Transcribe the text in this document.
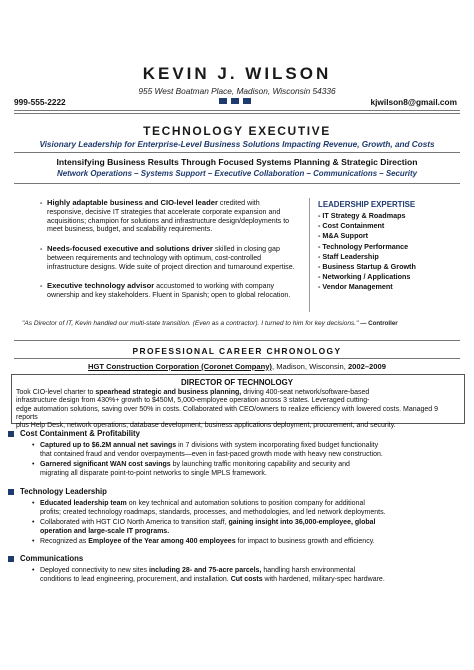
KEVIN J. WILSON
955 West Boatman Place, Madison, Wisconsin 54336
999-555-2222	kjwilson8@gmail.com
TECHNOLOGY EXECUTIVE
Visionary Leadership for Enterprise-Level Business Solutions Impacting Revenue, Growth, and Costs
Intensifying Business Results Through Focused Systems Planning & Strategic Direction
Network Operations – Systems Support – Executive Collaboration – Communications – Security
- Highly adaptable business and CIO-level leader credited with
responsive, decisive IT strategies that accelerate corporate expansion and
acquisitions; champion for solutions and infrastructure design/deployments to
meet business, budget, and scalability requirements.
- Needs-focused executive and solutions driver skilled in closing gap
between requirements and technology with optimum, cost-controlled
infrastructure designs. Wide suite of project direction and turnaround expertise.
- Executive technology advisor accustomed to working with company
ownership and key stakeholders. Fluent in Spanish; open to global relocation.
LEADERSHIP EXPERTISE
- IT Strategy & Roadmaps
- Cost Containment
- M&A Support
- Technology Performance
- Staff Leadership
- Business Startup & Growth
- Networking / Applications
- Vendor Management
"As Director of IT, Kevin handled our multi-state transition. (Even as a contractor). I turned to him for key decisions." — Controller
PROFESSIONAL CAREER CHRONOLOGY
HGT Construction Corporation (Coronet Company), Madison, Wisconsin, 2002–2009
DIRECTOR OF TECHNOLOGY
Took CIO-level charter to spearhead strategic and business planning, driving 400-seat network/software-based
infrastructure design from 430%+ growth to $450M, 5,000-employee operation across 3 states. Leveraged cutting-
edge automation solutions, saving over 50% in costs. Collaborated with CEO/owners to realize efficiency with lowered costs. Managed 9 reports
plus Help Desk, network operations, database development, business applications deployment, procurement, and security.
Cost Containment & Profitability
• Captured up to $6.2M annual net savings in 7 divisions with system incorporating fixed budget functionality
that contained fraud and vendor overpayments—even in fast-paced growth mode with heavy new construction.
• Garnered significant WAN cost savings by launching traffic monitoring capability and security and
migrating all disparate point-to-point networks to single MPLS framework.
Technology Leadership
• Educated leadership team on key technical and automation solutions to position company for additional
profits; created technology roadmaps, standards, processes, and methodologies, and led network deployments.
• Collaborated with HGT CIO North America to transition staff, gaining insight into 36,000-employee, global
operation and large-scale IT programs.
• Recognized as Employee of the Year among 400 employees for impact to business growth and efficiency.
Communications
• Deployed connectivity to new sites including 28- and 75-acre parcels, handling harsh environmental
conditions to lead engineering, procurement, and installation. Cut costs with hardened, military-spec hardware.
